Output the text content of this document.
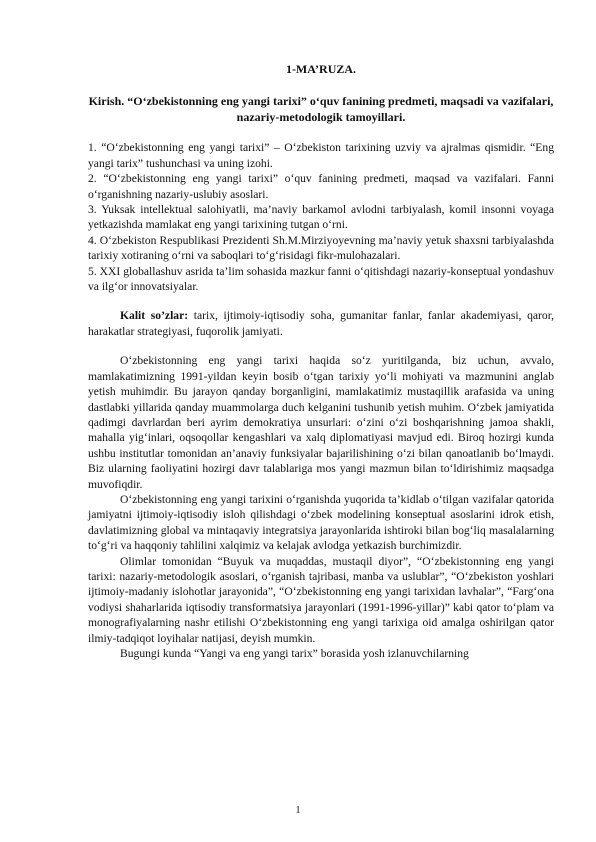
1-MA’RUZA.
Kirish. “O‘zbekistonning eng yangi tarixi” o‘quv fanining predmeti, maqsadi va vazifalari, nazariy-metodologik tamoyillari.

1. “O‘zbekistonning eng yangi tarixi” – O‘zbekiston tarixining uzviy va ajralmas qismidir. “Eng yangi tarix” tushunchasi va uning izohi.

2. “O‘zbekistonning eng yangi tarixi” o‘quv fanining predmeti, maqsad va vazifalari. Fanni o‘rganishning nazariy-uslubiy asoslari.

3. Yuksak intellektual salohiyatli, ma’naviy barkamol avlodni tarbiyalash, komil insonni voyaga yetkazishda mamlakat eng yangi tarixining tutgan o‘rni.

4. O‘zbekiston Respublikasi Prezidenti Sh.M.Mirziyoyevning ma’naviy yetuk shaxsni tarbiyalashda tarixiy xotiraning o‘rni va saboqlari to‘g‘risidagi fikr-mulohazalari.

5. XXI globallashuv asrida ta’lim sohasida mazkur fanni o‘qitishdagi nazariy-konseptual yondashuv va ilg‘or innovatsiyalar.

Kalit so’zlar: tarix, ijtimoiy-iqtisodiy soha, gumanitar fanlar, fanlar akademiyasi, qaror, harakatlar strategiyasi, fuqorolik jamiyati.

O‘zbekistonning eng yangi tarixi haqida so‘z yuritilganda, biz uchun, avvalo, mamlakatimizning 1991-yildan keyin bosib o‘tgan tarixiy yo‘li mohiyati va mazmunini anglab yetish muhimdir. Bu jarayon qanday borganligini, mamlakatimiz mustaqillik arafasida va uning dastlabki yillarida qanday muammolarga duch kelganini tushunib yetish muhim. O‘zbek jamiyatida qadimgi davrlardan beri ayrim demokratiya unsurlari: o‘zini o‘zi boshqarishning jamoa shakli, mahalla yig‘inlari, oqsoqollar kengashlari va xalq diplomatiyasi mavjud edi. Biroq hozirgi kunda ushbu institutlar tomonidan an’anaviy funksiyalar bajarilishining o‘zi bilan qanoatlanib bo‘lmaydi. Biz ularning faoliyatini hozirgi davr talablariga mos yangi mazmun bilan to‘ldirishimiz maqsadga muvofiqdir.

O‘zbekistonning eng yangi tarixini o‘rganishda yuqorida ta’kidlab o‘tilgan vazifalar qatorida jamiyatni ijtimoiy-iqtisodiy isloh qilishdagi o‘zbek modelining konseptual asoslarini idrok etish, davlatimizning global va mintaqaviy integratsiya jarayonlarida ishtiroki bilan bog‘liq masalalarning to‘g‘ri va haqqoniy tahlilini xalqimiz va kelajak avlodga yetkazish burchimizdir.

Olimlar tomonidan “Buyuk va muqaddas, mustaqil diyor”, “O‘zbekistonning eng yangi tarixi: nazariy-metodologik asoslari, o‘rganish tajribasi, manba va uslublar”, “O‘zbekiston yoshlari ijtimoiy-madaniy islohotlar jarayonida”, “O‘zbekistonning eng yangi tarixidan lavhalar”, “Farg‘ona vodiysi shaharlarida iqtisodiy transformatsiya jarayonlari (1991-1996-yillar)” kabi qator to‘plam va monografiyalarning nashr etilishi O‘zbekistonning eng yangi tarixiga oid amalga oshirilgan qator ilmiy-tadqiqot loyihalar natijasi, deyish mumkin.

Bugungi kunda “Yangi va eng yangi tarix” borasida yosh izlanuvchilarning

1
